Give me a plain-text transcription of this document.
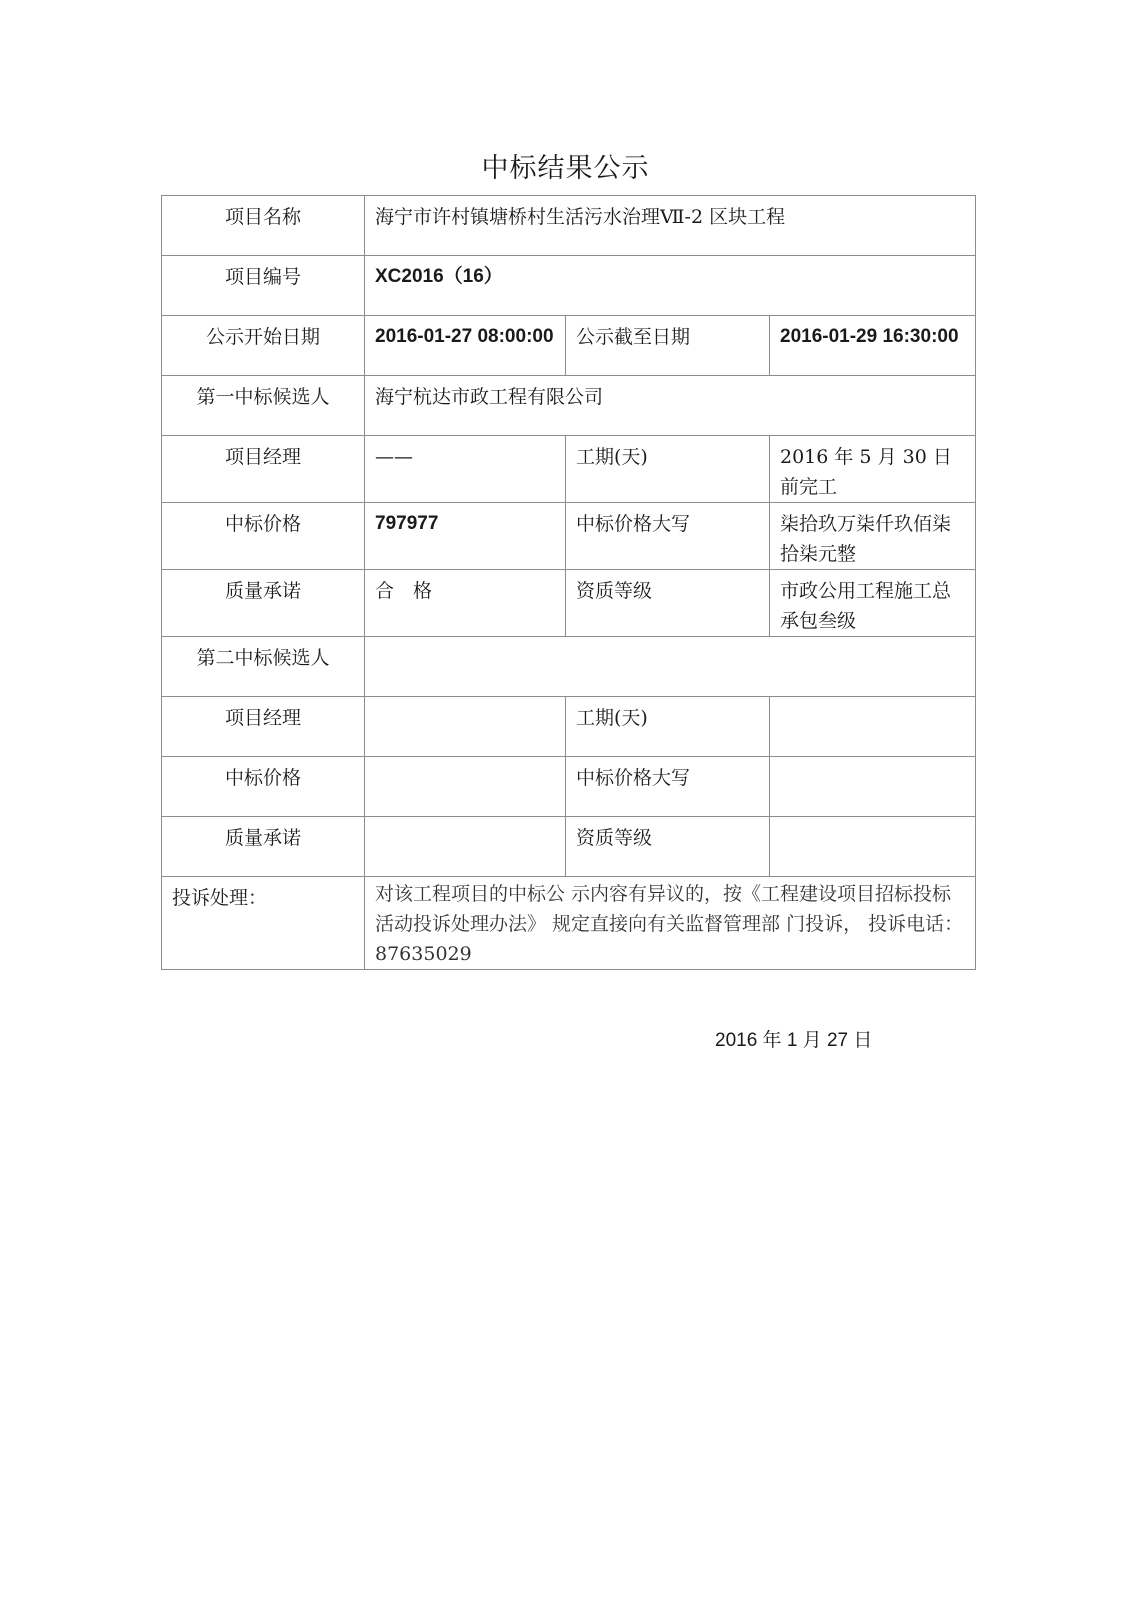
中标结果公示
项目名称	海宁市许村镇塘桥村生活污水治理Ⅶ-2 区块工程		
项目编号	XC2016（16）		
公示开始日期	2016-01-27 08:00:00	公示截至日期	2016-01-29 16:30:00
第一中标候选人	海宁杭达市政工程有限公司		
项目经理	——	工期(天)	2016 年 5 月 30 日前完工
中标价格	797977	中标价格大写	柒拾玖万柒仟玖佰柒拾柒元整
质量承诺	合　格	资质等级	市政公用工程施工总承包叁级
第二中标候选人			
项目经理		工期(天)	
中标价格		中标价格大写	
质量承诺		资质等级	
投诉处理：	对该工程项目的中标公 示内容有异议的，按《工程建设项目招标投标活动投诉处理办法》 规定直接向有关监督管理部 门投诉， 投诉电话：87635029		
2016 年 1 月 27 日
